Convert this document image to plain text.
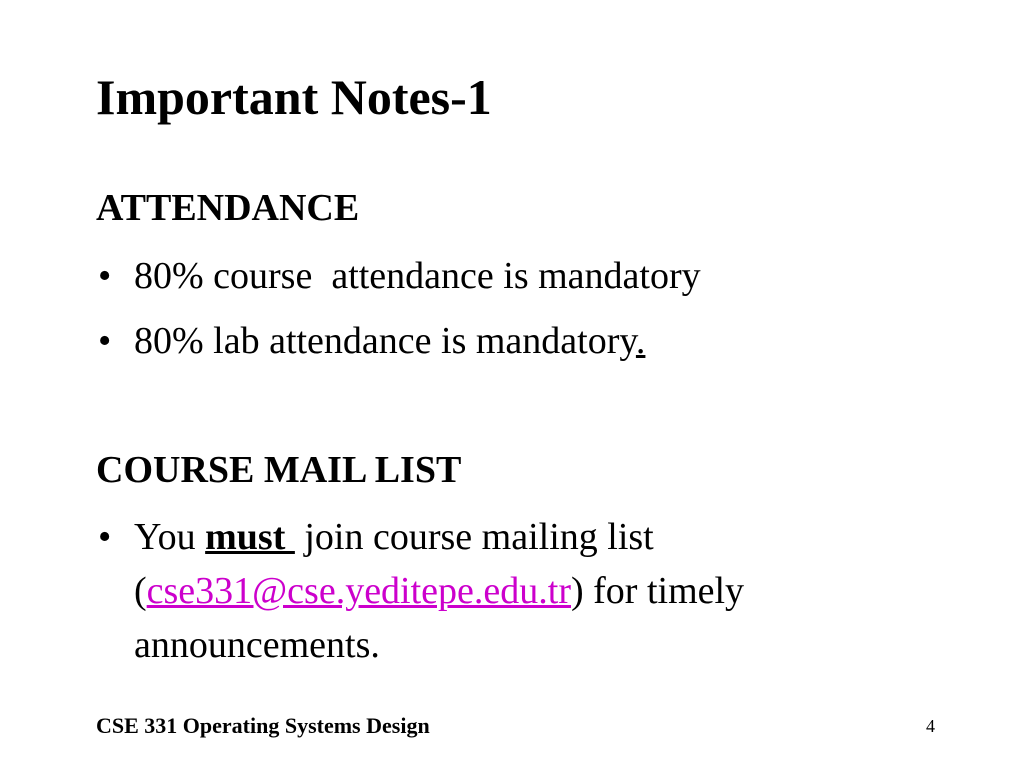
Important Notes-1
ATTENDANCE
• 80% course  attendance is mandatory
• 80% lab attendance is mandatory.
COURSE MAIL LIST
• You must  join course mailing list
(cse331@cse.yeditepe.edu.tr) for timely
announcements.
CSE 331 Operating Systems Design	4
